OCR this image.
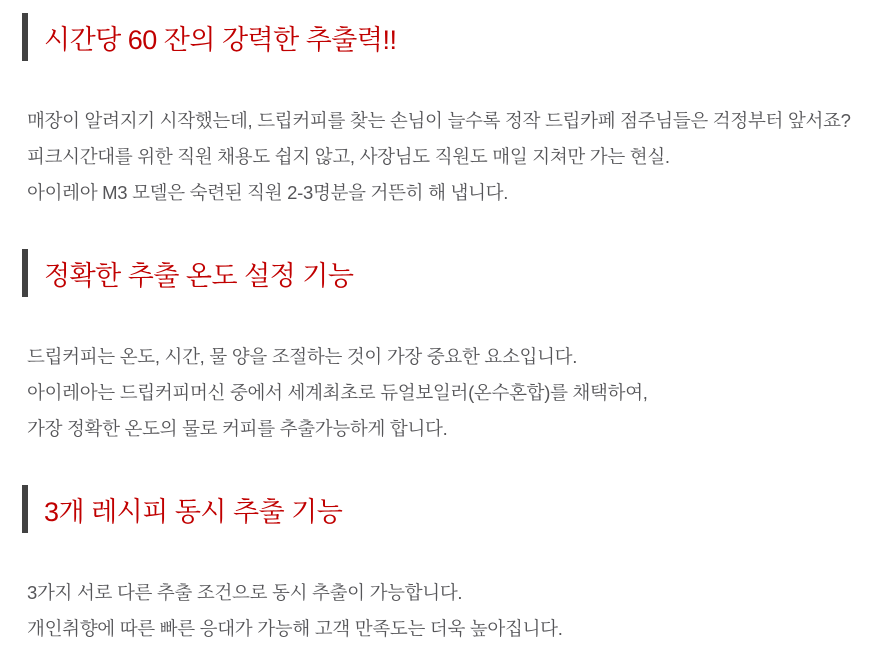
시간당 60 잔의 강력한 추출력!!

매장이 알려지기 시작했는데, 드립커피를 찾는 손님이 늘수록 정작 드립카페 점주님들은 걱정부터 앞서죠?
피크시간대를 위한 직원 채용도 쉽지 않고, 사장님도 직원도 매일 지쳐만 가는 현실.
아이레아 M3 모델은 숙련된 직원 2-3명분을 거뜬히 해 냅니다.

정확한 추출 온도 설정 기능

드립커피는 온도, 시간, 물 양을 조절하는 것이 가장 중요한 요소입니다.
아이레아는 드립커피머신 중에서 세계최초로 듀얼보일러(온수혼합)를 채택하여,
가장 정확한 온도의 물로 커피를 추출가능하게 합니다.

3개 레시피 동시 추출 기능

3가지 서로 다른 추출 조건으로 동시 추출이 가능합니다.
개인취향에 따른 빠른 응대가 가능해 고객 만족도는 더욱 높아집니다.
